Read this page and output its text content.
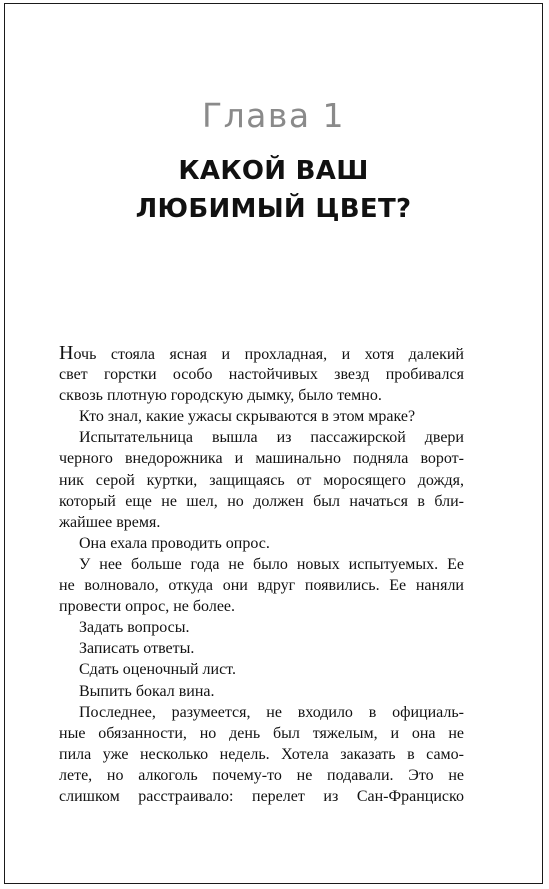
Глава 1
КАКОЙ ВАШ
ЛЮБИМЫЙ ЦВЕТ?
Ночь стояла ясная и прохладная, и хотя далекий
свет горстки особо настойчивых звезд пробивался
сквозь плотную городскую дымку, было темно.
Кто знал, какие ужасы скрываются в этом мраке?
Испытательница вышла из пассажирской двери
черного внедорожника и машинально подняла ворот-
ник серой куртки, защищаясь от моросящего дождя,
который еще не шел, но должен был начаться в бли-
жайшее время.
Она ехала проводить опрос.
У нее больше года не было новых испытуемых. Ее
не волновало, откуда они вдруг появились. Ее наняли
провести опрос, не более.
Задать вопросы.
Записать ответы.
Сдать оценочный лист.
Выпить бокал вина.
Последнее, разумеется, не входило в официаль-
ные обязанности, но день был тяжелым, и она не
пила уже несколько недель. Хотела заказать в само-
лете, но алкоголь почему-то не подавали. Это не
слишком расстраивало: перелет из Сан-Франциско
